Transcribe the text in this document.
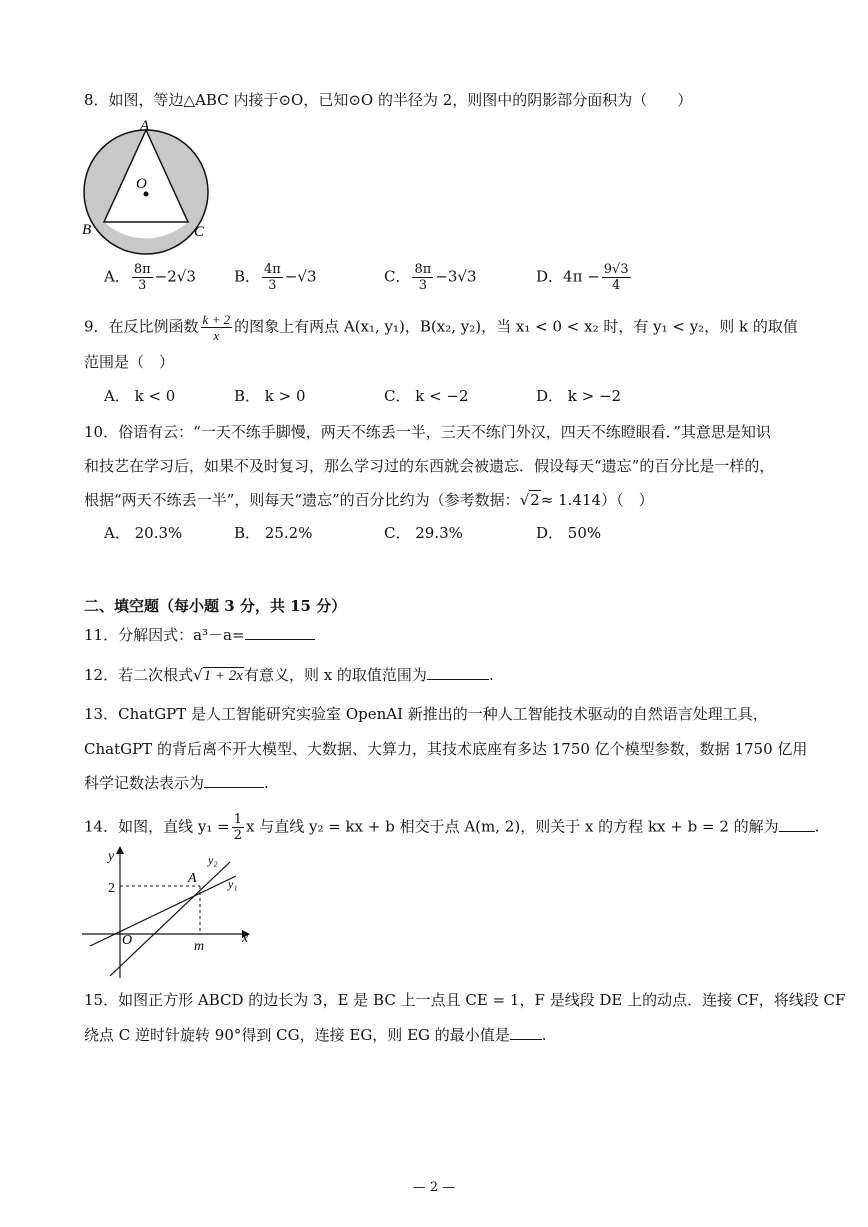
8．如图，等边△ABC 内接于⊙O，已知⊙O 的半径为 2，则图中的阴影部分面积为（　　）
A
O
B	C
A． $\frac{8\pi}{3} -2√3$	B． $\frac{4\pi}{3} -√3$	C． $\frac{8\pi}{3} -3√3$	D．$4\pi - \frac{9√3}{4}$
9．在反比例函数 $\frac{k + 2}{x}$ 的图象上有两点 A(x₁, y₁)，B(x₂, y₂)，当 x₁ < 0 < x₂ 时，有 y₁ < y₂，则 k 的取值
范围是（　）
A． k < 0	B． k > 0	C． k < −2	D． k > −2
10．俗语有云：“一天不练手脚慢，两天不练丢一半，三天不练门外汉，四天不练瞪眼看．”其意思是知识
和技艺在学习后，如果不及时复习，那么学习过的东西就会被遗忘．假设每天“遗忘”的百分比是一样的，
根据“两天不练丢一半”，则每天“遗忘”的百分比约为（参考数据：√2≈ 1.414）（　）
A． 20.3%	B． 25.2%	C． 29.3%	D． 50%
二、填空题（每小题 3 分，共 15 分）
11．分解因式：a³－a=
12．若二次根式√1 + 2x有意义，则 x 的取值范围为	.
13．ChatGPT 是人工智能研究实验室 OpenAI 新推出的一种人工智能技术驱动的自然语言处理工具，
ChatGPT 的背后离不开大模型、大数据、大算力，其技术底座有多达 1750 亿个模型参数，数据 1750 亿用
科学记数法表示为	.
14．如图，直线 $y_1 = \frac{1}{2}$ x 与直线 y₂ = kx + b 相交于点 A(m, 2)，则关于 x 的方程 kx + b = 2 的解为 .
y
x
O	m
2
A
y₂
y₁
15．如图正方形 ABCD 的边长为 3，E 是 BC 上一点且 CE = 1，F 是线段 DE 上的动点．连接 CF，将线段 CF
绕点 C 逆时针旋转 90°得到 CG，连接 EG，则 EG 的最小值是 .
— 2 —
